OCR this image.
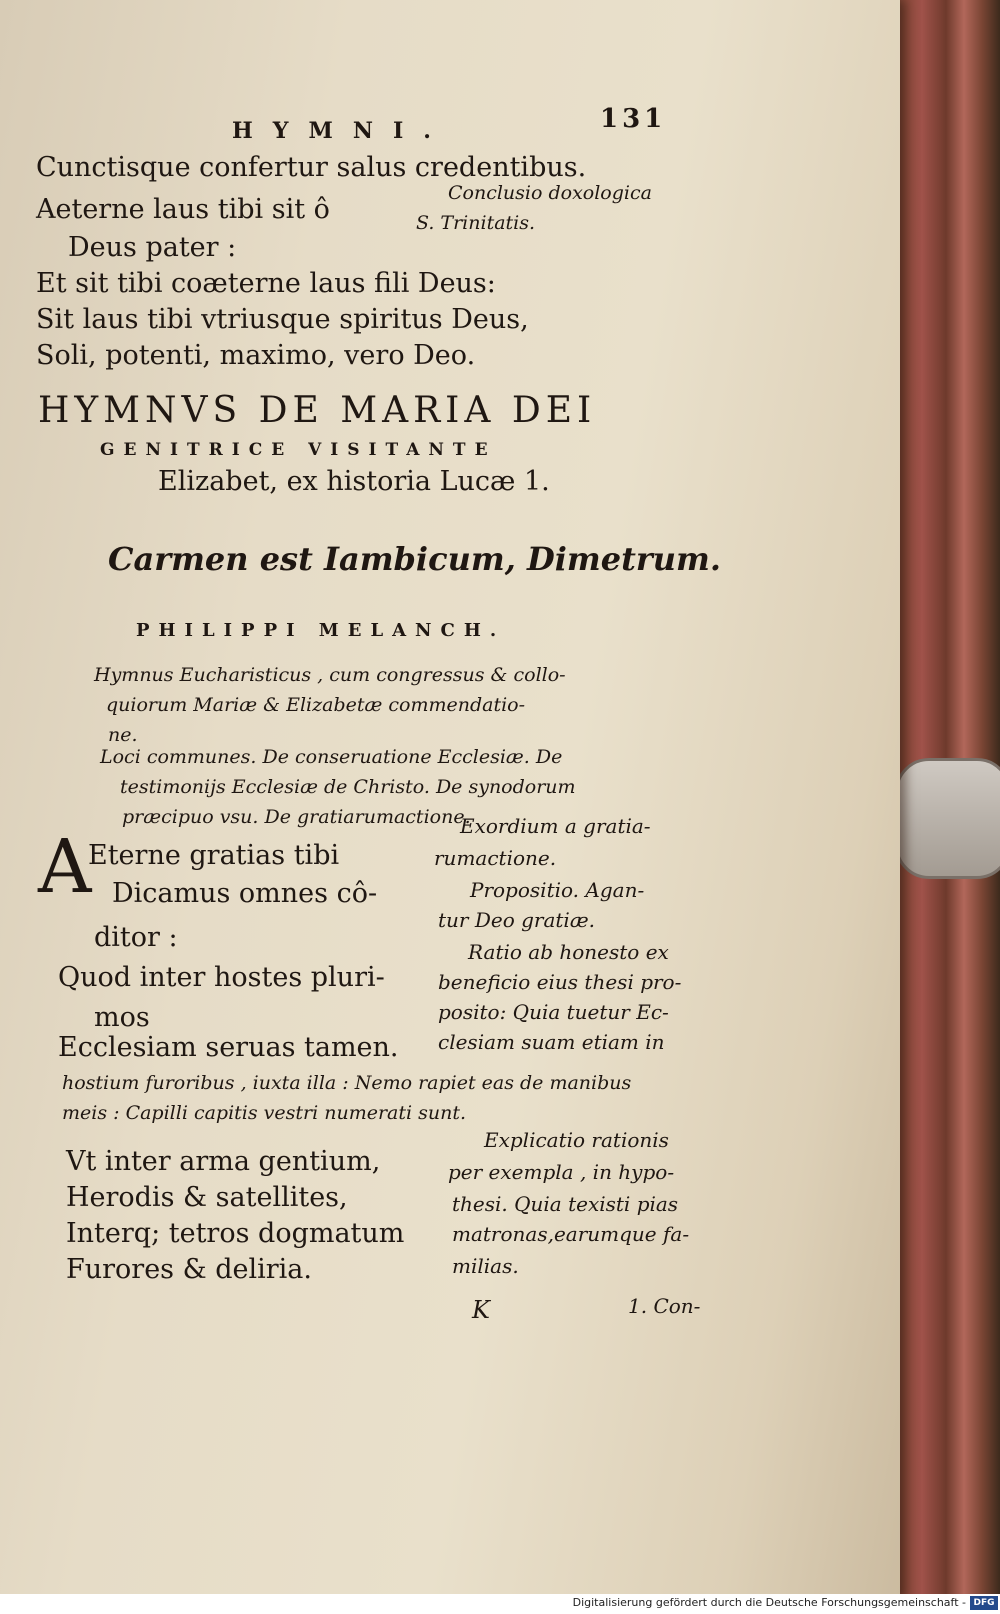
HYMNI.	131
Cunctisque confertur salus credentibus.
Aeterne laus tibi sit ô
Deus pater :
Et sit tibi coæterne laus fili Deus:
Sit laus tibi vtriusque spiritus Deus,
Soli, potenti, maximo, vero Deo.
Conclusio doxologica
S. Trinitatis.
HYMNVS DE MARIA DEI
GENITRICE VISITANTE
Elizabet, ex historia Lucæ 1.
Carmen est Iambicum, Dimetrum.
PHILIPPI MELANCH.
Hymnus Eucharisticus , cum congressus & collo-
quiorum Mariæ & Elizabetæ commendatio-
ne.
Loci communes. De conseruatione Ecclesiæ. De
testimonijs Ecclesiæ de Christo. De synodorum
præcipuo vsu. De gratiarumactione.
A
Eterne gratias tibi
Dicamus omnes cô-
ditor :
Quod inter hostes pluri-
mos
Ecclesiam seruas tamen.
Exordium a gratia-
rumactione.
Propositio. Agan-
tur Deo gratiæ.
Ratio ab honesto ex
beneficio eius thesi pro-
posito: Quia tuetur Ec-
clesiam suam etiam in
hostium furoribus , iuxta illa : Nemo rapiet eas de manibus
meis : Capilli capitis vestri numerati sunt.
Vt inter arma gentium,
Herodis & satellites,
Interq; tetros dogmatum
Furores & deliria.
Explicatio rationis
per exempla , in hypo-
thesi. Quia texisti pias
matronas,earumque fa-
milias.
K	1. Con-
Digitalisierung gefördert durch die Deutsche Forschungsgemeinschaft - DFG
